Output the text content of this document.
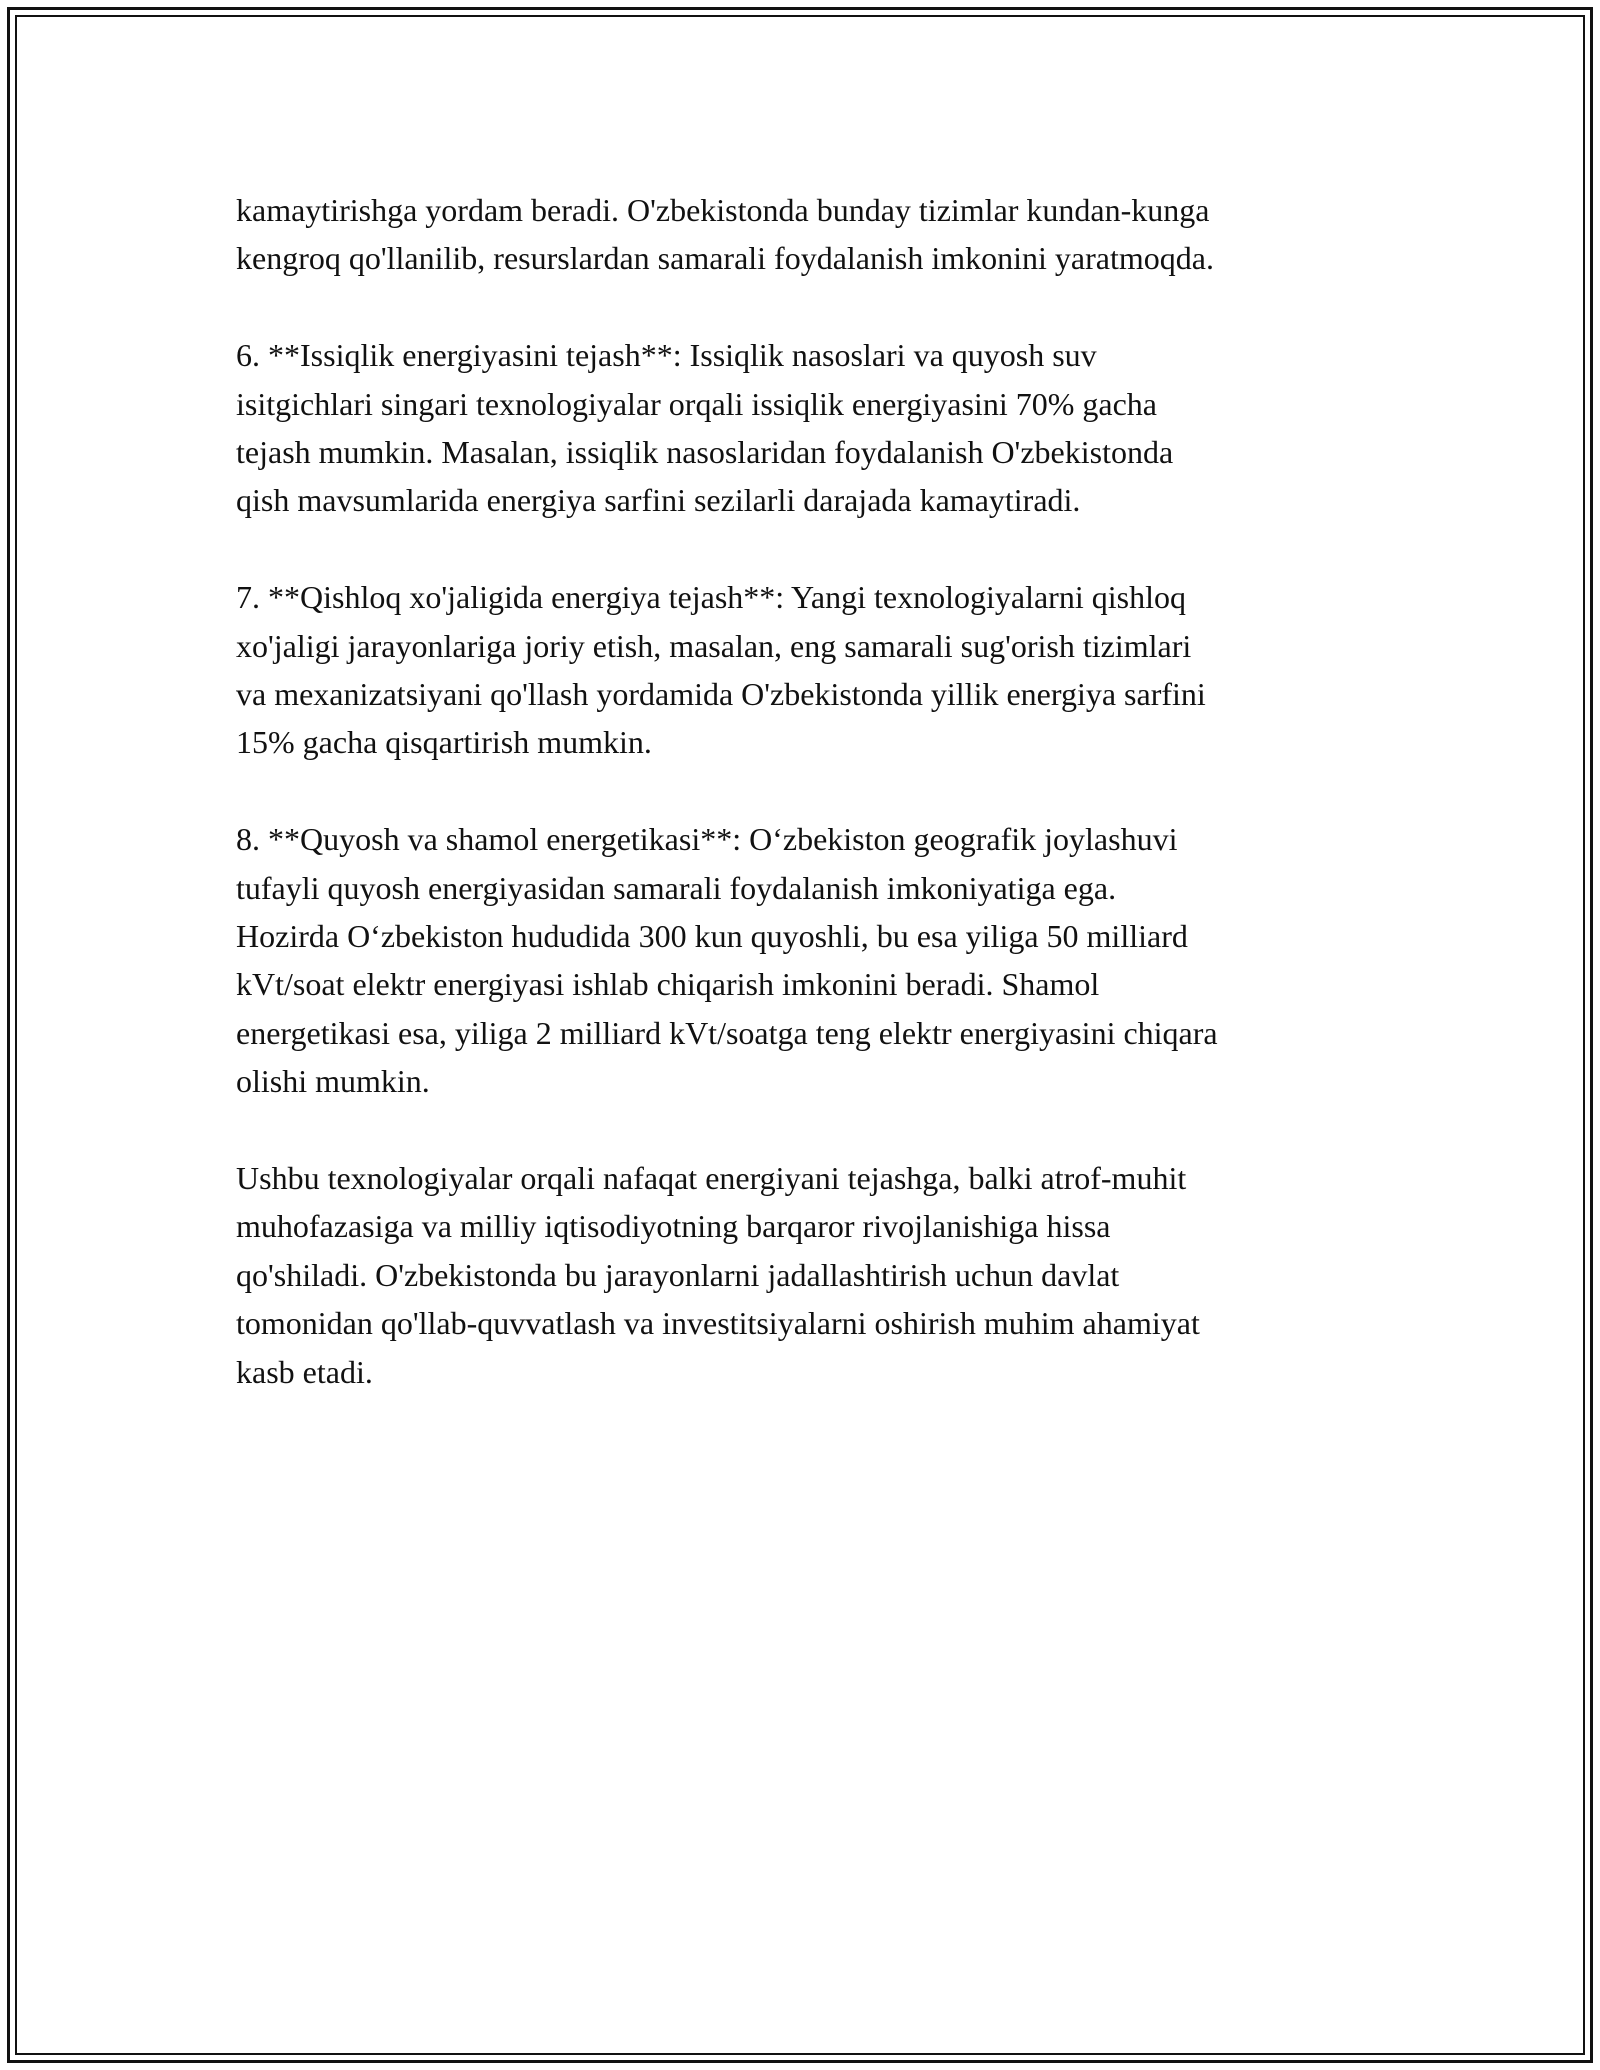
kamaytirishga yordam beradi. O'zbekistonda bunday tizimlar kundan-kunga
kengroq qo'llanilib, resurslardan samarali foydalanish imkonini yaratmoqda.

6. **Issiqlik energiyasini tejash**: Issiqlik nasoslari va quyosh suv
isitgichlari singari texnologiyalar orqali issiqlik energiyasini 70% gacha
tejash mumkin. Masalan, issiqlik nasoslaridan foydalanish O'zbekistonda
qish mavsumlarida energiya sarfini sezilarli darajada kamaytiradi.

7. **Qishloq xo'jaligida energiya tejash**: Yangi texnologiyalarni qishloq
xo'jaligi jarayonlariga joriy etish, masalan, eng samarali sug'orish tizimlari
va mexanizatsiyani qo'llash yordamida O'zbekistonda yillik energiya sarfini
15% gacha qisqartirish mumkin.

8. **Quyosh va shamol energetikasi**: O‘zbekiston geografik joylashuvi
tufayli quyosh energiyasidan samarali foydalanish imkoniyatiga ega.
Hozirda O‘zbekiston hududida 300 kun quyoshli, bu esa yiliga 50 milliard
kVt/soat elektr energiyasi ishlab chiqarish imkonini beradi. Shamol
energetikasi esa, yiliga 2 milliard kVt/soatga teng elektr energiyasini chiqara
olishi mumkin.

Ushbu texnologiyalar orqali nafaqat energiyani tejashga, balki atrof-muhit
muhofazasiga va milliy iqtisodiyotning barqaror rivojlanishiga hissa
qo'shiladi. O'zbekistonda bu jarayonlarni jadallashtirish uchun davlat
tomonidan qo'llab-quvvatlash va investitsiyalarni oshirish muhim ahamiyat
kasb etadi.
